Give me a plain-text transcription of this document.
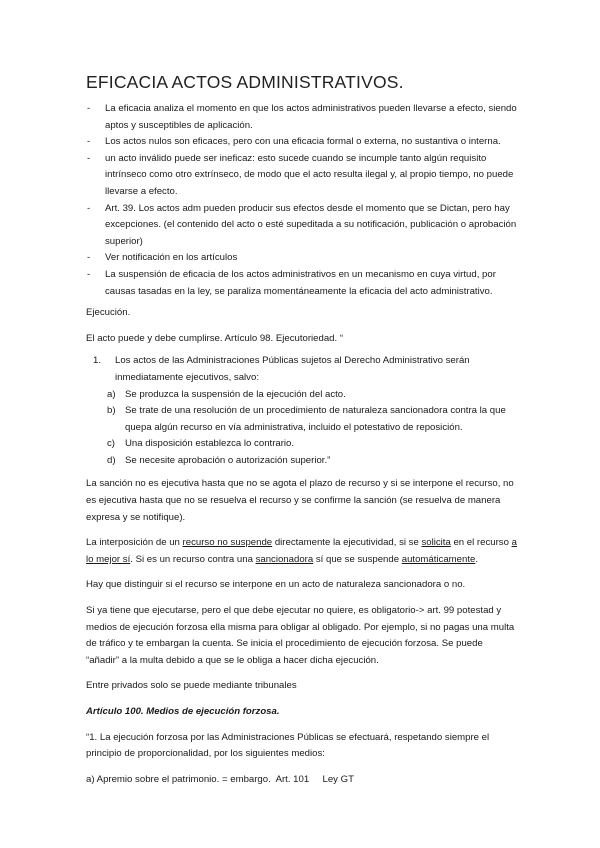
EFICACIA ACTOS ADMINISTRATIVOS.
- La eficacia analiza el momento en que los actos administrativos pueden llevarse a efecto, siendo aptos y susceptibles de aplicación.
- Los actos nulos son eficaces, pero con una eficacia formal o externa, no sustantiva o interna.
- un acto inválido puede ser ineficaz: esto sucede cuando se incumple tanto algún requisito intrínseco como otro extrínseco, de modo que el acto resulta ilegal y, al propio tiempo, no puede llevarse a efecto.
- Art. 39. Los actos adm pueden producir sus efectos desde el momento que se Dictan, pero hay excepciones. (el contenido del acto o esté supeditada a su notificación, publicación o aprobación superior)
- Ver notificación en los artículos
- La suspensión de eficacia de los actos administrativos en un mecanismo en cuya virtud, por causas tasadas en la ley, se paraliza momentáneamente la eficacia del acto administrativo.

Ejecución.

El acto puede y debe cumplirse. Artículo 98. Ejecutoriedad. “

1. Los actos de las Administraciones Públicas sujetos al Derecho Administrativo serán inmediatamente ejecutivos, salvo:
a) Se produzca la suspensión de la ejecución del acto.
b) Se trate de una resolución de un procedimiento de naturaleza sancionadora contra la que quepa algún recurso en vía administrativa, incluido el potestativo de reposición.
c) Una disposición establezca lo contrario.
d) Se necesite aprobación o autorización superior.”

La sanción no es ejecutiva hasta que no se agota el plazo de recurso y si se interpone el recurso, no es ejecutiva hasta que no se resuelva el recurso y se confirme la sanción (se resuelva de manera expresa y se notifique).

La interposición de un recurso no suspende directamente la ejecutividad, si se solicita en el recurso a lo mejor sí. Si es un recurso contra una sancionadora sí que se suspende automáticamente.

Hay que distinguir si el recurso se interpone en un acto de naturaleza sancionadora o no.

Si ya tiene que ejecutarse, pero el que debe ejecutar no quiere, es obligatorio-> art. 99 potestad y medios de ejecución forzosa ella misma para obligar al obligado. Por ejemplo, si no pagas una multa de tráfico y te embargan la cuenta. Se inicia el procedimiento de ejecución forzosa. Se puede “añadir” a la multa debido a que se le obliga a hacer dicha ejecución.

Entre privados solo se puede mediante tribunales

Artículo 100. Medios de ejecución forzosa.

“1. La ejecución forzosa por las Administraciones Públicas se efectuará, respetando siempre el principio de proporcionalidad, por los siguientes medios:

a) Apremio sobre el patrimonio. = embargo.  Art. 101     Ley GT
